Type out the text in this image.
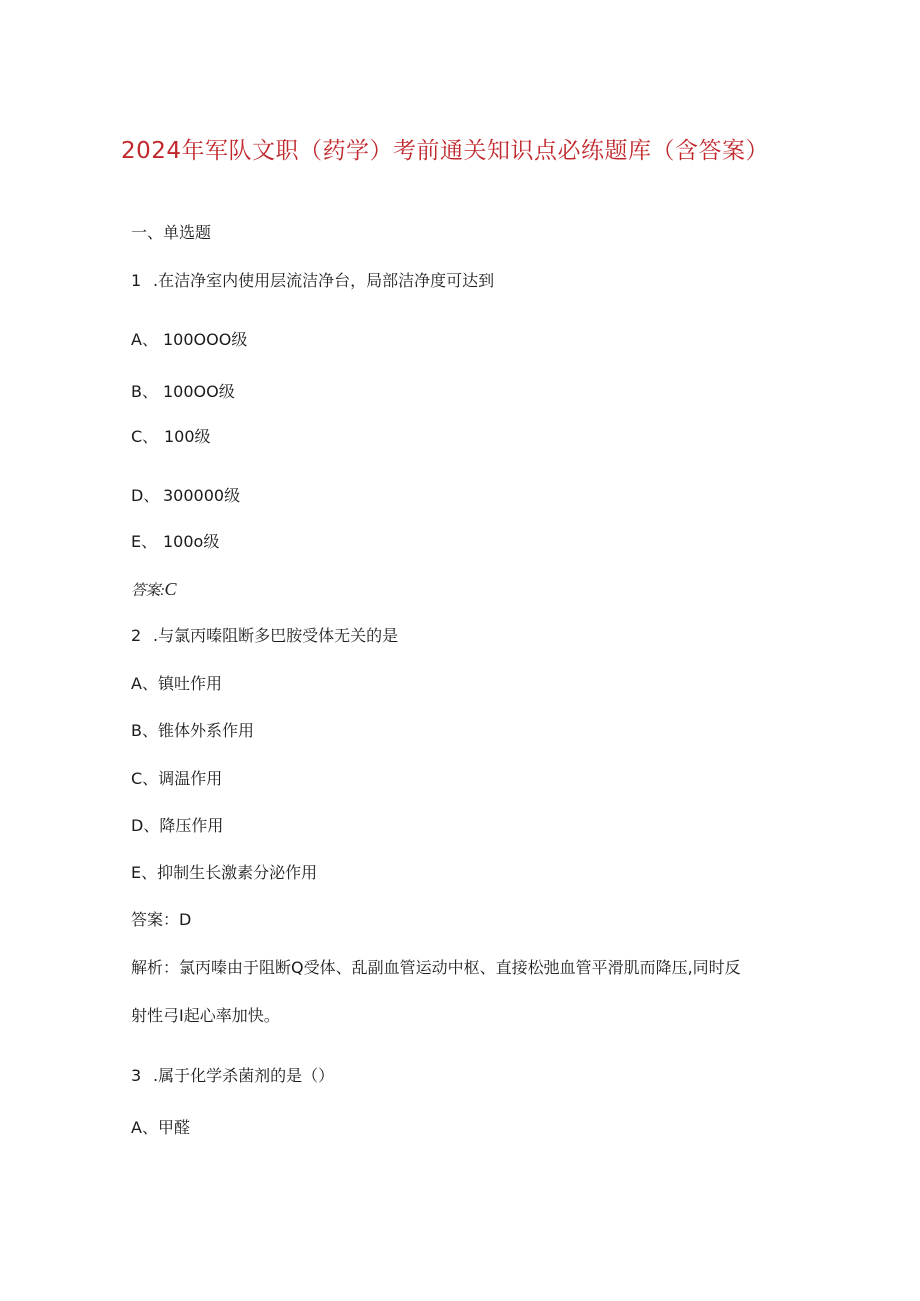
2024年军队文职（药学）考前通关知识点必练题库（含答案）
一、单选题
1 .在洁净室内使用层流洁净台，局部洁净度可达到
A、 100OOO级
B、 100OO级
C、 100级
D、 300000级
E、 100o级
答案:C
2 .与氯丙嗪阻断多巴胺受体无关的是
A、镇吐作用
B、锥体外系作用
C、调温作用
D、降压作用
E、抑制生长激素分泌作用
答案：D
解析：氯丙嗪由于阻断Q受体、乱副血管运动中枢、直接松弛血管平滑肌而降压,同时反
射性弓I起心率加快。
3 .属于化学杀菌剂的是（）
A、甲醛
